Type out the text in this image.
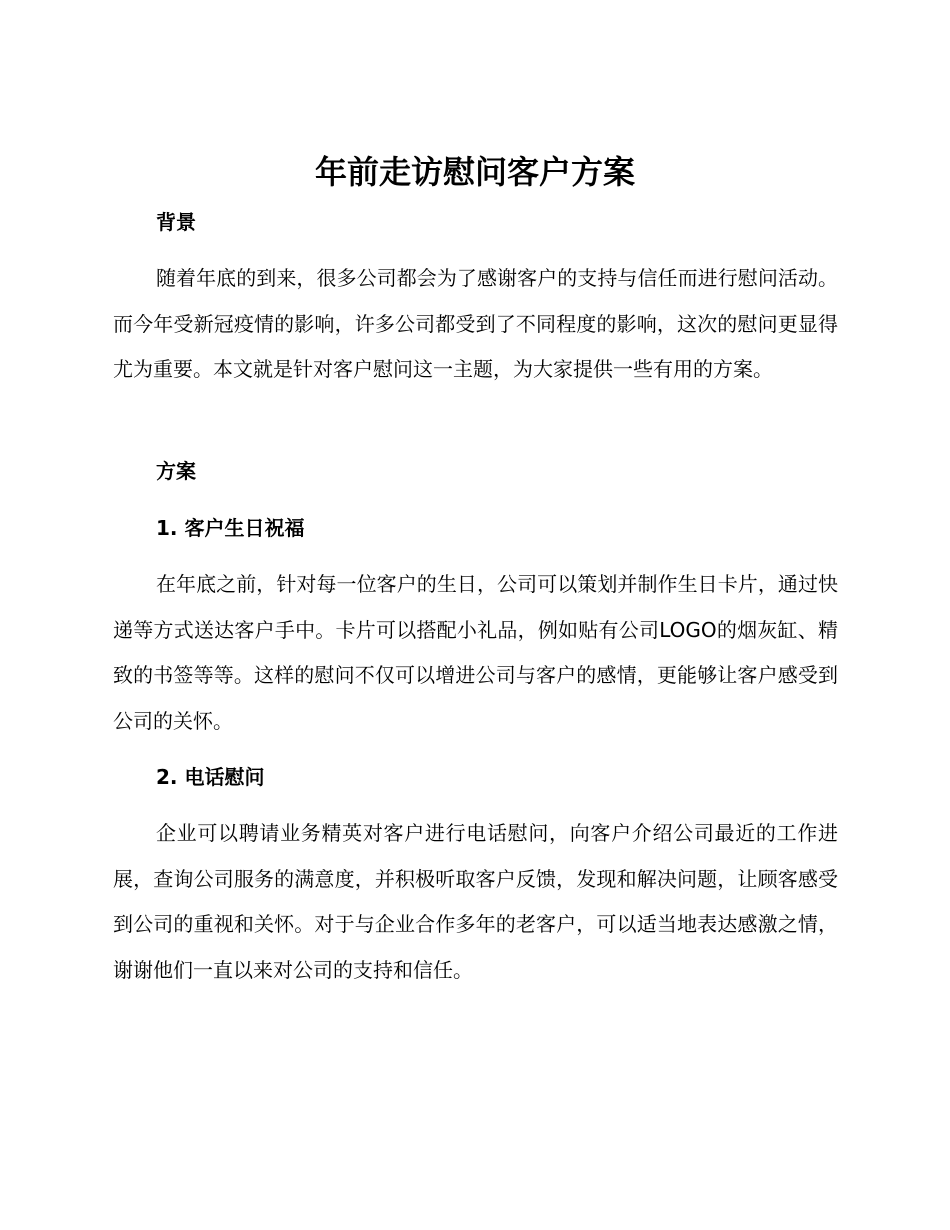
年前走访慰问客户方案
背景
随着年底的到来，很多公司都会为了感谢客户的支持与信任而进行慰问活动。而今年受新冠疫情的影响，许多公司都受到了不同程度的影响，这次的慰问更显得尤为重要。本文就是针对客户慰问这一主题，为大家提供一些有用的方案。
方案
1. 客户生日祝福
在年底之前，针对每一位客户的生日，公司可以策划并制作生日卡片，通过快递等方式送达客户手中。卡片可以搭配小礼品，例如贴有公司LOGO的烟灰缸、精致的书签等等。这样的慰问不仅可以增进公司与客户的感情，更能够让客户感受到公司的关怀。
2. 电话慰问
企业可以聘请业务精英对客户进行电话慰问，向客户介绍公司最近的工作进展，查询公司服务的满意度，并积极听取客户反馈，发现和解决问题，让顾客感受到公司的重视和关怀。对于与企业合作多年的老客户，可以适当地表达感激之情，谢谢他们一直以来对公司的支持和信任。
